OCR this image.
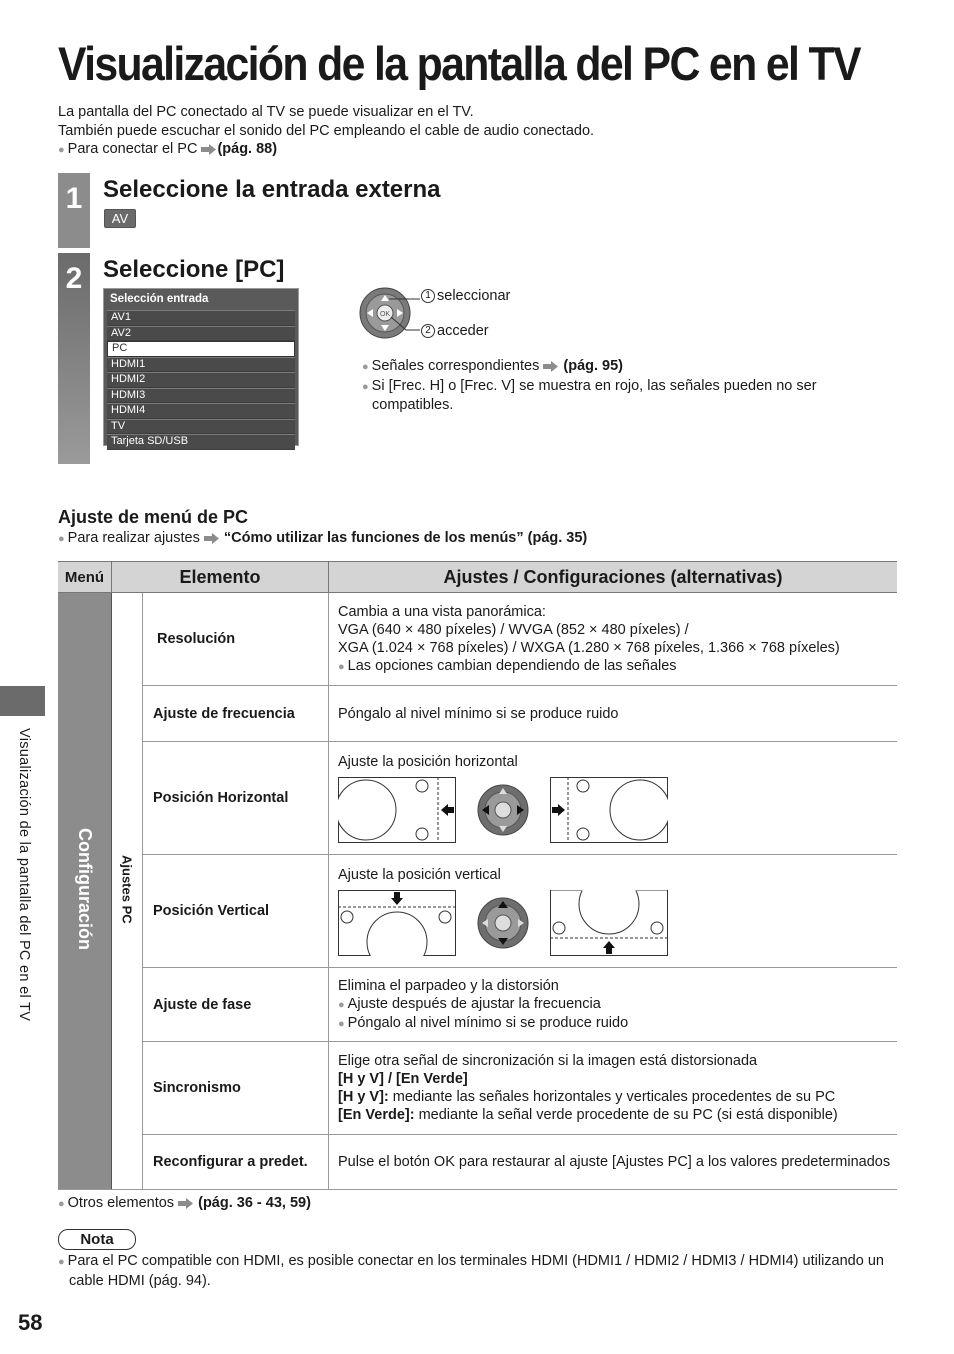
Visualización de la pantalla del PC en el TV
La pantalla del PC conectado al TV se puede visualizar en el TV.
También puede escuchar el sonido del PC empleando el cable de audio conectado.
● Para conectar el PC (pág. 88)
1 Seleccione la entrada externa
AV
2 Seleccione [PC]
Selección entrada
AV1
AV2
PC
HDMI1
HDMI2
HDMI3
HDMI4
TV
Tarjeta SD/USB
OK
1 seleccionar
2 acceder
● Señales correspondientes (pág. 95)
● Si [Frec. H] o [Frec. V] se muestra en rojo, las señales pueden no ser compatibles.
Ajuste de menú de PC
● Para realizar ajustes “Cómo utilizar las funciones de los menús” (pág. 35)
Menú	Elemento		Ajustes / Configuraciones (alternativas)
Configuración	Ajustes PC	Resolución	Cambia a una vista panorámica:
VGA (640 × 480 píxeles) / WVGA (852 × 480 píxeles) /
XGA (1.024 × 768 píxeles) / WXGA (1.280 × 768 píxeles, 1.366 × 768 píxeles)
● Las opciones cambian dependiendo de las señales

		Ajuste de frecuencia	Póngalo al nivel mínimo si se produce ruido
		Posición Horizontal	Ajuste la posición horizontal

		Posición Vertical	Ajuste la posición vertical

		Ajuste de fase	Elimina el parpadeo y la distorsión
● Ajuste después de ajustar la frecuencia
● Póngalo al nivel mínimo si se produce ruido

		Sincronismo	Elige otra señal de sincronización si la imagen está distorsionada
[H y V] / [En Verde]
[H y V]: mediante las señales horizontales y verticales procedentes de su PC
[En Verde]: mediante la señal verde procedente de su PC (si está disponible)

		Reconfigurar a predet.	Pulse el botón OK para restaurar al ajuste [Ajustes PC] a los valores predeterminados
● Otros elementos (pág. 36 - 43, 59)
Nota
● Para el PC compatible con HDMI, es posible conectar en los terminales HDMI (HDMI1 / HDMI2 / HDMI3 / HDMI4) utilizando un cable HDMI (pág. 94).
Visualización de la pantalla del PC en el TV
58
